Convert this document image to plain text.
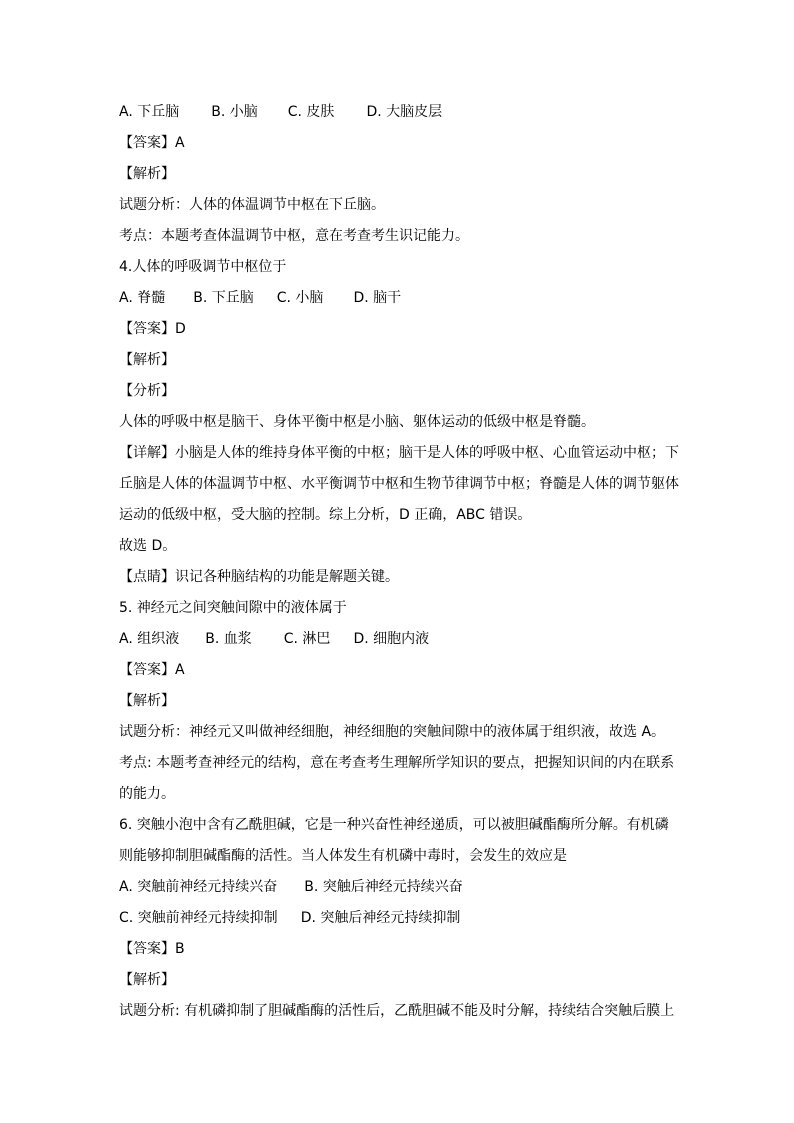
A. 下丘脑 B. 小脑 C. 皮肤 D. 大脑皮层
【答案】A
【解析】
试题分析：人体的体温调节中枢在下丘脑。
考点：本题考查体温调节中枢，意在考查考生识记能力。
4.人体的呼吸调节中枢位于
A. 脊髓 B. 下丘脑 C. 小脑 D. 脑干
【答案】D
【解析】
【分析】
人体的呼吸中枢是脑干、身体平衡中枢是小脑、躯体运动的低级中枢是脊髓。
【详解】小脑是人体的维持身体平衡的中枢；脑干是人体的呼吸中枢、心血管运动中枢；下
丘脑是人体的体温调节中枢、水平衡调节中枢和生物节律调节中枢；脊髓是人体的调节躯体
运动的低级中枢，受大脑的控制。综上分析，D 正确，ABC 错误。
故选 D。
【点睛】识记各种脑结构的功能是解题关键。
5. 神经元之间突触间隙中的液体属于
A. 组织液 B. 血浆 C. 淋巴 D. 细胞内液
【答案】A
【解析】
试题分析：神经元又叫做神经细胞，神经细胞的突触间隙中的液体属于组织液，故选 A。
考点: 本题考查神经元的结构，意在考查考生理解所学知识的要点，把握知识间的内在联系
的能力。
6. 突触小泡中含有乙酰胆碱，它是一种兴奋性神经递质，可以被胆碱酯酶所分解。有机磷
则能够抑制胆碱酯酶的活性。当人体发生有机磷中毒时，会发生的效应是
A. 突触前神经元持续兴奋 B. 突触后神经元持续兴奋
C. 突触前神经元持续抑制 D. 突触后神经元持续抑制
【答案】B
【解析】
试题分析: 有机磷抑制了胆碱酯酶的活性后，乙酰胆碱不能及时分解，持续结合突触后膜上
